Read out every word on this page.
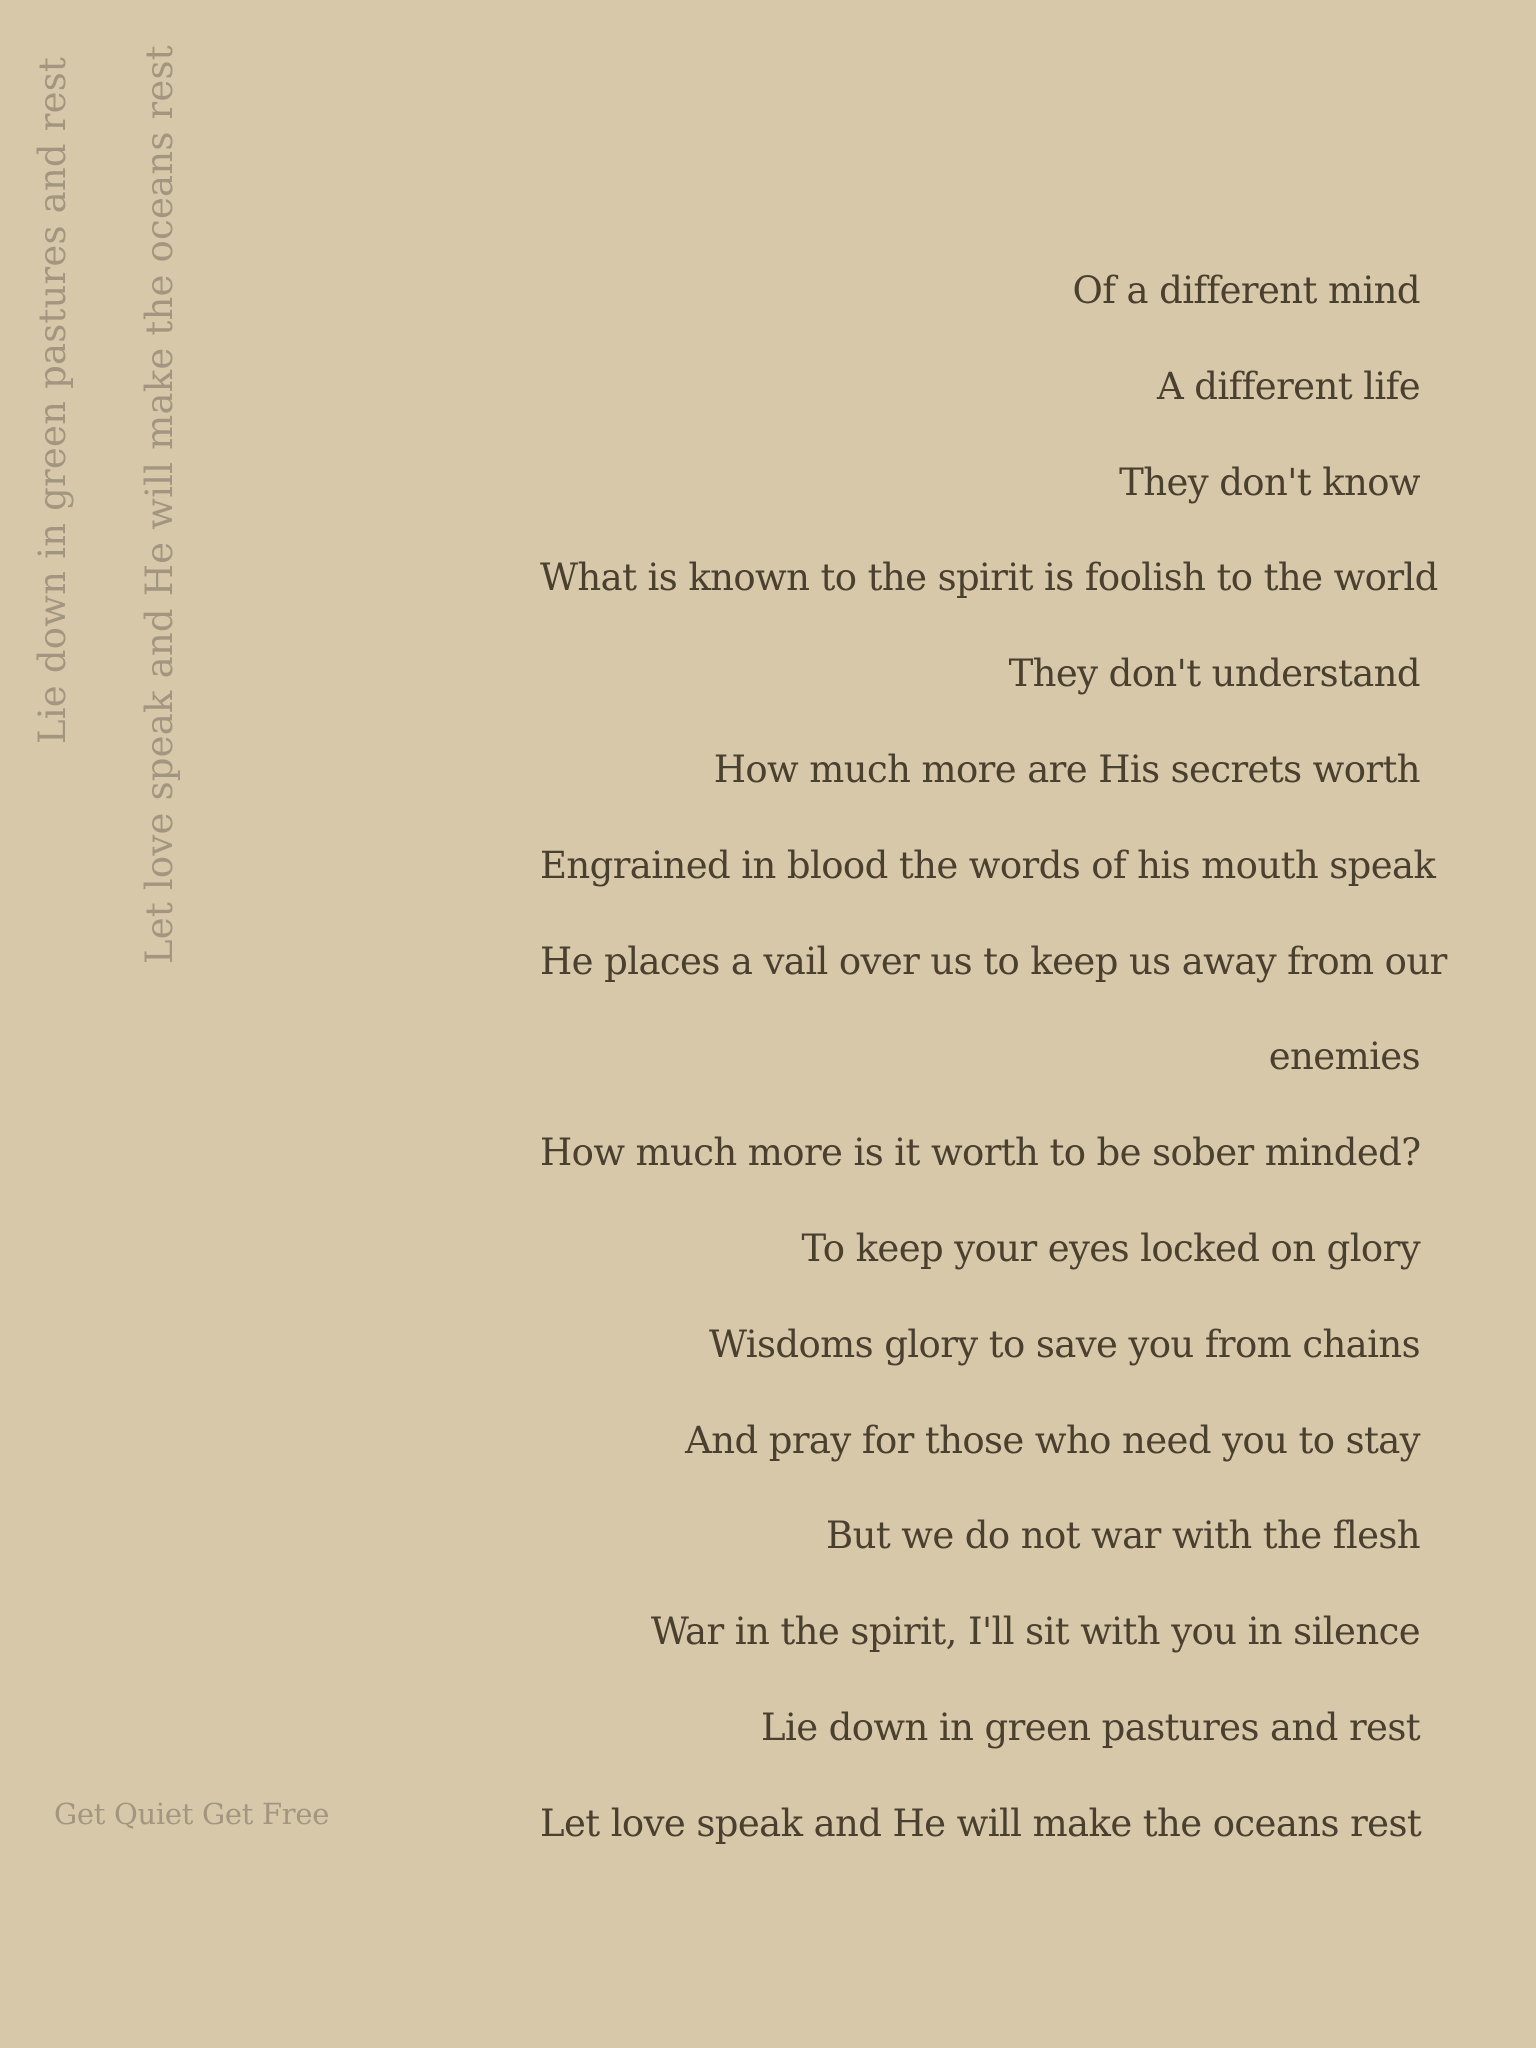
Lie down in green pastures and rest Let love speak and He will make the oceans rest	Of a different mind
A different life
They don't know
What is known to the spirit is foolish to the world
They don't understand
How much more are His secrets worth
Engrained in blood the words of his mouth speak
He places a vail over us to keep us away from our
enemies
How much more is it worth to be sober minded?
To keep your eyes locked on glory
Wisdoms glory to save you from chains
And pray for those who need you to stay
But we do not war with the flesh
War in the spirit, I'll sit with you in silence
Lie down in green pastures and rest
Let love speak and He will make the oceans rest
Get Quiet Get Free
